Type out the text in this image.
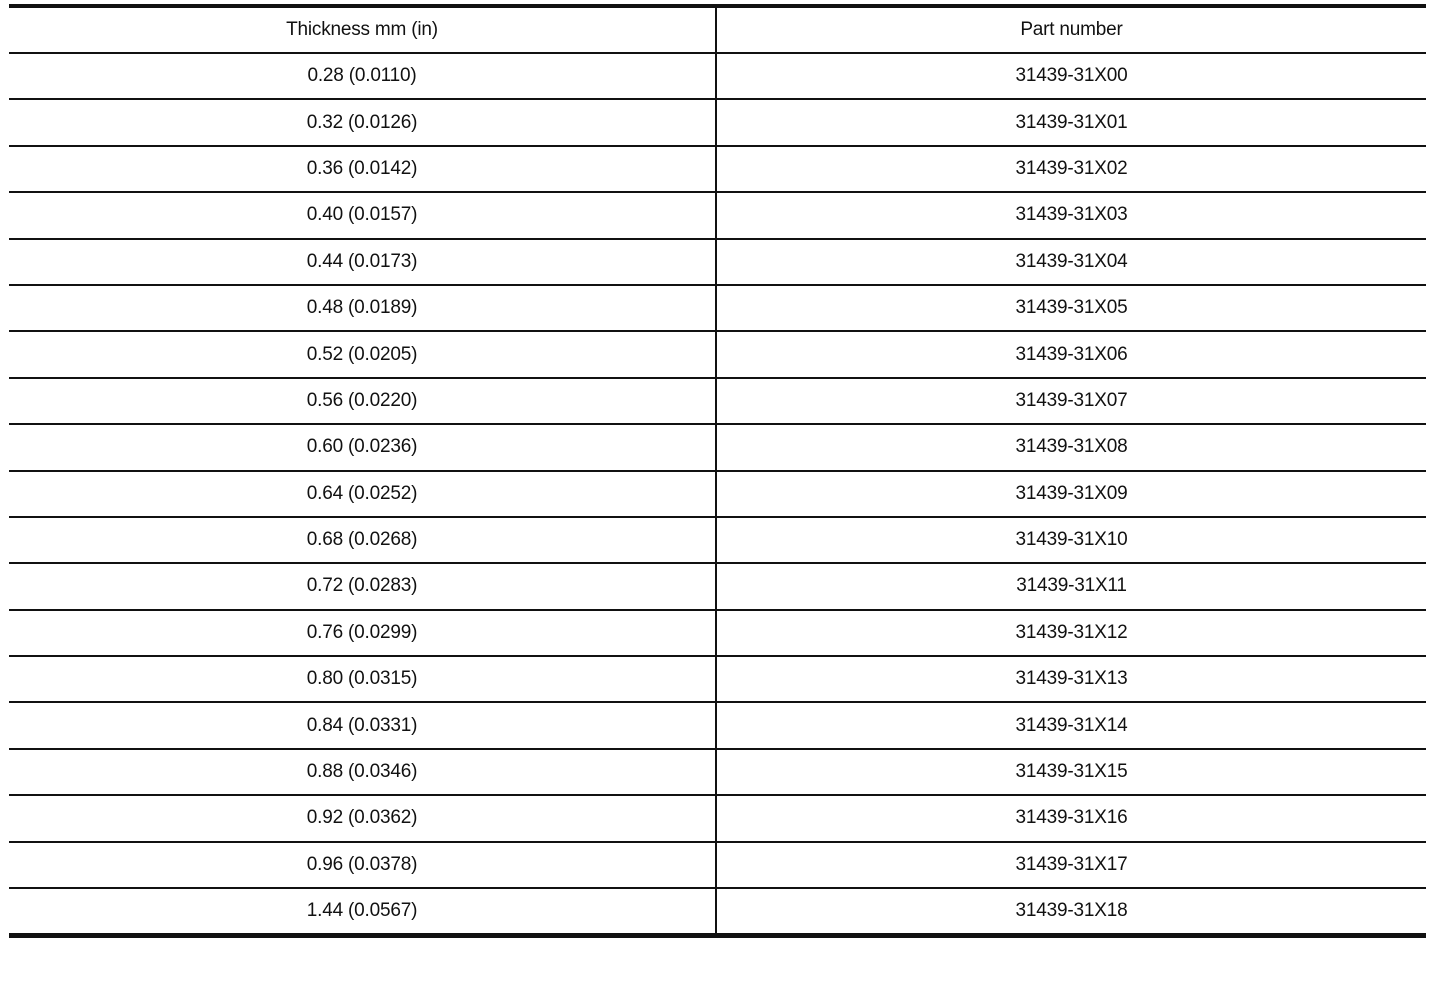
Thickness mm (in)	Part number
0.28 (0.0110)	31439-31X00
0.32 (0.0126)	31439-31X01
0.36 (0.0142)	31439-31X02
0.40 (0.0157)	31439-31X03
0.44 (0.0173)	31439-31X04
0.48 (0.0189)	31439-31X05
0.52 (0.0205)	31439-31X06
0.56 (0.0220)	31439-31X07
0.60 (0.0236)	31439-31X08
0.64 (0.0252)	31439-31X09
0.68 (0.0268)	31439-31X10
0.72 (0.0283)	31439-31X11
0.76 (0.0299)	31439-31X12
0.80 (0.0315)	31439-31X13
0.84 (0.0331)	31439-31X14
0.88 (0.0346)	31439-31X15
0.92 (0.0362)	31439-31X16
0.96 (0.0378)	31439-31X17
1.44 (0.0567)	31439-31X18
